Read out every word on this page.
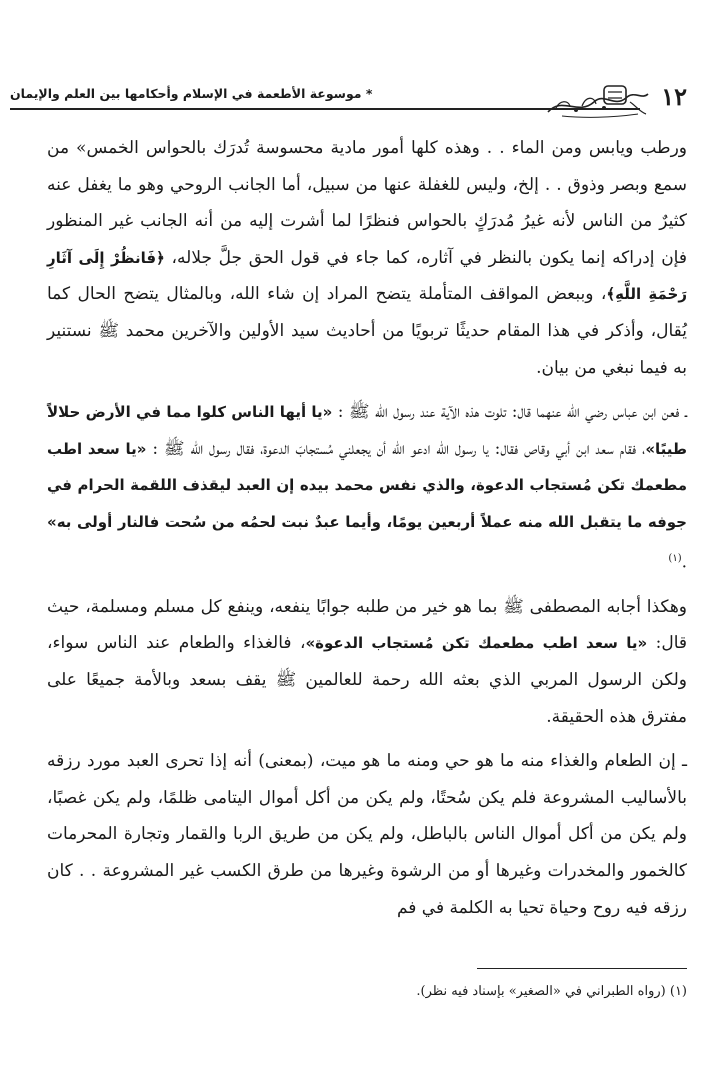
١٢
* موسوعة الأطعمة في الإسلام وأحكامها بين العلم والإيمان

ورطب ويابس ومن الماء . . وهذه كلها أمور مادية محسوسة تُدرَك بالحواس الخمس» من سمع وبصر وذوق . . إلخ، وليس للغفلة عنها من سبيل، أما الجانب الروحي وهو ما يغفل عنه كثيرٌ من الناس لأنه غيرُ مُدرَكٍ بالحواس فنظرًا لما أشرت إليه من أنه الجانب غير المنظور فإن إدراكه إنما يكون بالنظر في آثاره، كما جاء في قول الحق جلَّ جلاله، ﴿فَانظُرْ إِلَى آثَارِ رَحْمَةِ اللَّهِ﴾، وببعض المواقف المتأملة يتضح المراد إن شاء الله، وبالمثال يتضح الحال كما يُقال، وأذكر في هذا المقام حديثًا تربويًا من أحاديث سيد الأولين والآخرين محمد ﷺ نستنير به فيما نبغي من بيان.

ـ فعن ابن عباس رضي الله عنهما قال: تلوت هذه الآية عند رسول الله ﷺ : «يا أيها الناس كلوا مما في الأرض حلالاً طيبًا»، فقام سعد ابن أبي وقاص فقال: يا رسول الله ادعو الله أن يجعلني مُستجابَ الدعوة، فقال رسول الله ﷺ : «يا سعد اطب مطعمك تكن مُستجاب الدعوة، والذي نفس محمد بيده إن العبد ليقذف اللقمة الحرام في جوفه ما يتقبل الله منه عملاً أربعين يومًا، وأيما عبدٌ نبت لحمُه من سُحت فالنار أولى به» .$^{(١)}$

وهكذا أجابه المصطفى ﷺ بما هو خير من طلبه جوابًا ينفعه، وينفع كل مسلم ومسلمة، حيث قال: «يا سعد اطب مطعمك تكن مُستجاب الدعوة»، فالغذاء والطعام عند الناس سواء، ولكن الرسول المربي الذي بعثه الله رحمة للعالمين ﷺ يقف بسعد وبالأمة جميعًا على مفترق هذه الحقيقة.

ـ إن الطعام والغذاء منه ما هو حي ومنه ما هو ميت، (بمعنى) أنه إذا تحرى العبد مورد رزقه بالأساليب المشروعة فلم يكن سُحتًا، ولم يكن من أكل أموال اليتامى ظلمًا، ولم يكن غصبًا، ولم يكن من أكل أموال الناس بالباطل، ولم يكن من طريق الربا والقمار وتجارة المحرمات كالخمور والمخدرات وغيرها أو من الرشوة وغيرها من طرق الكسب غير المشروعة . . كان رزقه فيه روح وحياة تحيا به الكلمة في فم

(١) (رواه الطبراني في «الصغير» بإسناد فيه نظر).
